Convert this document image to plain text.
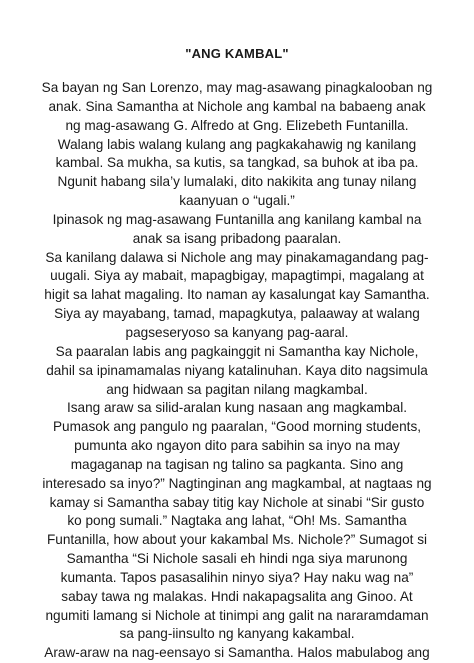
"ANG KAMBAL"
Sa bayan ng San Lorenzo, may mag-asawang pinagkalooban ng
anak. Sina Samantha at Nichole ang kambal na babaeng anak
ng mag-asawang G. Alfredo at Gng. Elizebeth Funtanilla.
Walang labis walang kulang ang pagkakahawig ng kanilang
kambal. Sa mukha, sa kutis, sa tangkad, sa buhok at iba pa.
Ngunit habang sila’y lumalaki, dito nakikita ang tunay nilang
kaanyuan o “ugali.”
Ipinasok ng mag-asawang Funtanilla ang kanilang kambal na
anak sa isang pribadong paaralan.
Sa kanilang dalawa si Nichole ang may pinakamagandang pag-
uugali. Siya ay mabait, mapagbigay, mapagtimpi, magalang at
higit sa lahat magaling. Ito naman ay kasalungat kay Samantha.
Siya ay mayabang, tamad, mapagkutya, palaaway at walang
pagseseryoso sa kanyang pag-aaral.
Sa paaralan labis ang pagkainggit ni Samantha kay Nichole,
dahil sa ipinamamalas niyang katalinuhan. Kaya dito nagsimula
ang hidwaan sa pagitan nilang magkambal.
Isang araw sa silid-aralan kung nasaan ang magkambal.
Pumasok ang pangulo ng paaralan, “Good morning students,
pumunta ako ngayon dito para sabihin sa inyo na may
magaganap na tagisan ng talino sa pagkanta. Sino ang
interesado sa inyo?” Nagtinginan ang magkambal, at nagtaas ng
kamay si Samantha sabay titig kay Nichole at sinabi “Sir gusto
ko pong sumali.” Nagtaka ang lahat, “Oh! Ms. Samantha
Funtanilla, how about your kakambal Ms. Nichole?” Sumagot si
Samantha “Si Nichole sasali eh hindi nga siya marunong
kumanta. Tapos pasasalihin ninyo siya? Hay naku wag na”
sabay tawa ng malakas. Hndi nakapagsalita ang Ginoo. At
ngumiti lamang si Nichole at tinimpi ang galit na nararamdaman
sa pang-iinsulto ng kanyang kakambal.
Araw-araw na nag-eensayo si Samantha. Halos mabulabog ang
